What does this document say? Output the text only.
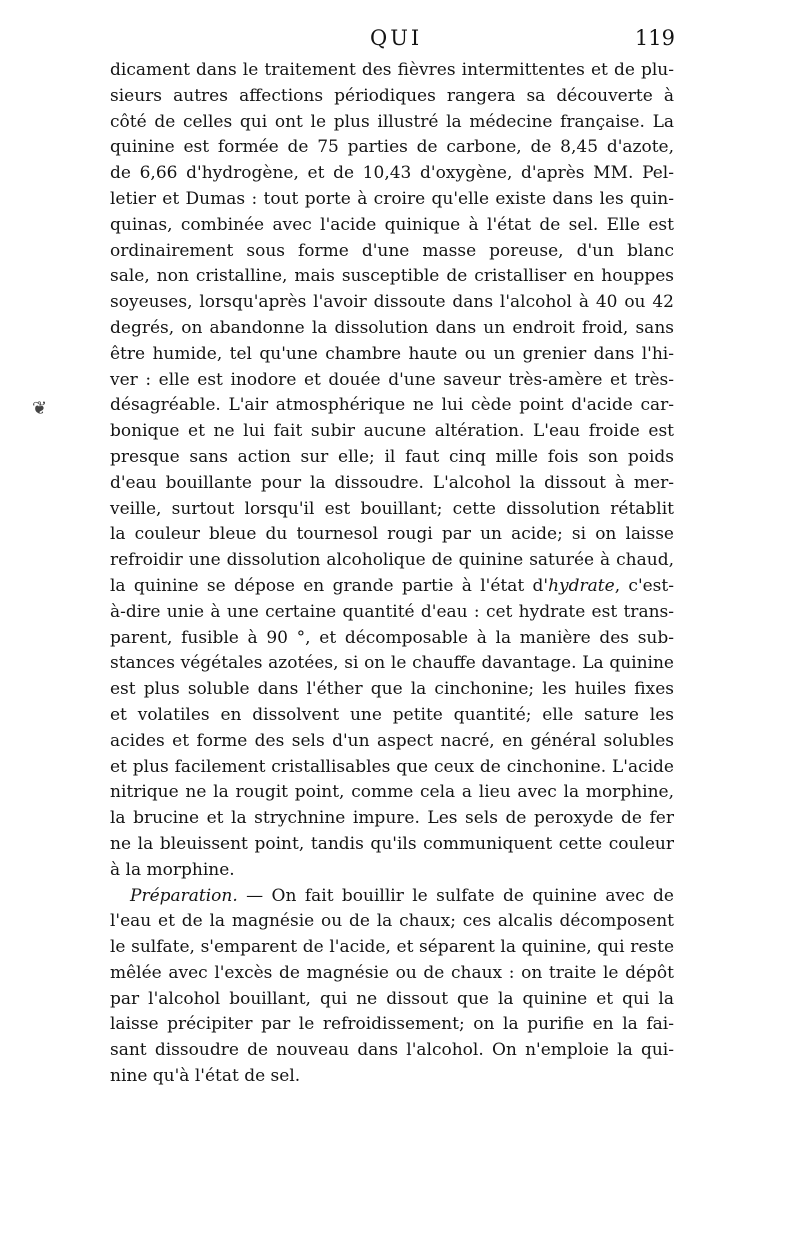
QUI	119
❦
dicament dans le traitement des fièvres intermittentes et de plu-
sieurs autres affections périodiques rangera sa découverte à
côté de celles qui ont le plus illustré la médecine française. La
quinine est formée de 75 parties de carbone, de 8,45 d'azote,
de 6,66 d'hydrogène, et de 10,43 d'oxygène, d'après MM. Pel-
letier et Dumas : tout porte à croire qu'elle existe dans les quin-
quinas, combinée avec l'acide quinique à l'état de sel. Elle est
ordinairement sous forme d'une masse poreuse, d'un blanc
sale, non cristalline, mais susceptible de cristalliser en houppes
soyeuses, lorsqu'après l'avoir dissoute dans l'alcohol à 40 ou 42
degrés, on abandonne la dissolution dans un endroit froid, sans
être humide, tel qu'une chambre haute ou un grenier dans l'hi-
ver : elle est inodore et douée d'une saveur très-amère et très-
désagréable. L'air atmosphérique ne lui cède point d'acide car-
bonique et ne lui fait subir aucune altération. L'eau froide est
presque sans action sur elle; il faut cinq mille fois son poids
d'eau bouillante pour la dissoudre. L'alcohol la dissout à mer-
veille, surtout lorsqu'il est bouillant; cette dissolution rétablit
la couleur bleue du tournesol rougi par un acide; si on laisse
refroidir une dissolution alcoholique de quinine saturée à chaud,
la quinine se dépose en grande partie à l'état d'hydrate, c'est-
à-dire unie à une certaine quantité d'eau : cet hydrate est trans-
parent, fusible à 90 °, et décomposable à la manière des sub-
stances végétales azotées, si on le chauffe davantage. La quinine
est plus soluble dans l'éther que la cinchonine; les huiles fixes
et volatiles en dissolvent une petite quantité; elle sature les
acides et forme des sels d'un aspect nacré, en général solubles
et plus facilement cristallisables que ceux de cinchonine. L'acide
nitrique ne la rougit point, comme cela a lieu avec la morphine,
la brucine et la strychnine impure. Les sels de peroxyde de fer
ne la bleuissent point, tandis qu'ils communiquent cette couleur
à la morphine.
Préparation. — On fait bouillir le sulfate de quinine avec de
l'eau et de la magnésie ou de la chaux; ces alcalis décomposent
le sulfate, s'emparent de l'acide, et séparent la quinine, qui reste
mêlée avec l'excès de magnésie ou de chaux : on traite le dépôt
par l'alcohol bouillant, qui ne dissout que la quinine et qui la
laisse précipiter par le refroidissement; on la purifie en la fai-
sant dissoudre de nouveau dans l'alcohol. On n'emploie la qui-
nine qu'à l'état de sel.
